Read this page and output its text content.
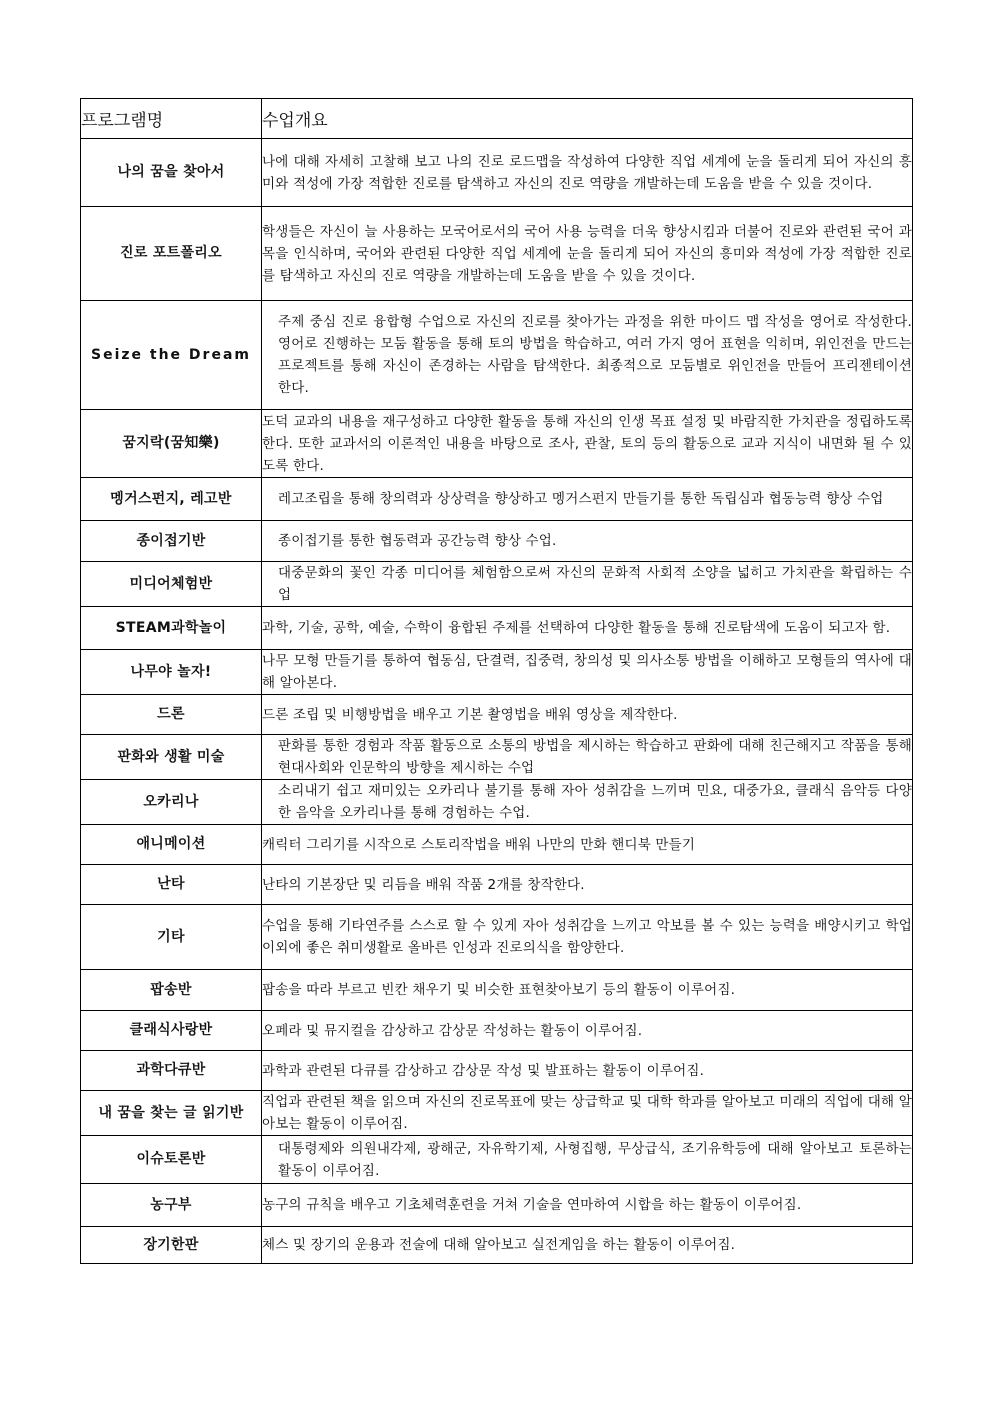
프로그램명	수업개요
나의 꿈을 찾아서	나에 대해 자세히 고찰해 보고 나의 진로 로드맵을 작성하여 다양한 직업 세계에 눈을 돌리게 되어 자신의 흥미와 적성에 가장 적합한 진로를 탐색하고 자신의 진로 역량을 개발하는데 도움을 받을 수 있을 것이다.
진로 포트폴리오	학생들은 자신이 늘 사용하는 모국어로서의 국어 사용 능력을 더욱 향상시킴과 더불어 진로와 관련된 국어 과목을 인식하며, 국어와 관련된 다양한 직업 세계에 눈을 돌리게 되어 자신의 흥미와 적성에 가장 적합한 진로를 탐색하고 자신의 진로 역량을 개발하는데 도움을 받을 수 있을 것이다.
Seize the Dream	주제 중심 진로 융합형 수업으로 자신의 진로를 찾아가는 과정을 위한 마이드 맵 작성을 영어로 작성한다. 영어로 진행하는 모둠 활동을 통해 토의 방법을 학습하고, 여러 가지 영어 표현을 익히며, 위인전을 만드는 프로젝트를 통해 자신이 존경하는 사람을 탐색한다. 최종적으로 모둠별로 위인전을 만들어 프리젠테이션 한다.
꿈지락(꿈知樂)	도덕 교과의 내용을 재구성하고 다양한 활동을 통해 자신의 인생 목표 설정 및 바람직한 가치관을 정립하도록 한다. 또한 교과서의 이론적인 내용을 바탕으로 조사, 관찰, 토의 등의 활동으로 교과 지식이 내면화 될 수 있도록 한다.
멩거스펀지, 레고반	레고조립을 통해 창의력과 상상력을 향상하고 멩거스펀지 만들기를 통한 독립심과 협동능력 향상 수업
종이접기반	종이접기를 통한 협동력과 공간능력 향상 수업.
미디어체험반	대중문화의 꽃인 각종 미디어를 체험함으로써 자신의 문화적 사회적 소양을 넓히고 가치관을 확립하는 수업
STEAM과학놀이	과학, 기술, 공학, 예술, 수학이 융합된 주제를 선택하여 다양한 활동을 통해 진로탐색에 도움이 되고자 함.
나무야 놀자!	나무 모형 만들기를 통하여 협동심, 단결력, 집중력, 창의성 및 의사소통 방법을 이해하고 모형들의 역사에 대해 알아본다.
드론	드론 조립 및 비행방법을 배우고 기본 촬영법을 배워 영상을 제작한다.
판화와 생활 미술	판화를 통한 경험과 작품 활동으로 소통의 방법을 제시하는 학습하고 판화에 대해 친근해지고 작품을 통해 현대사회와 인문학의 방향을 제시하는 수업
오카리나	소리내기 쉽고 재미있는 오카리나 불기를 통해 자아 성취감을 느끼며 민요, 대중가요, 클래식 음악등 다양한 음악을 오카리나를 통해 경험하는 수업.
애니메이션	캐릭터 그리기를 시작으로 스토리작법을 배워 나만의 만화 핸디북 만들기
난타	난타의 기본장단 및 리듬을 배워 작품 2개를 창작한다.
기타	수업을 통해 기타연주를 스스로 할 수 있게 자아 성취감을 느끼고 악보를 볼 수 있는 능력을 배양시키고 학업이외에 좋은 취미생활로 올바른 인성과 진로의식을 함양한다.
팝송반	팝송을 따라 부르고 빈칸 채우기 및 비슷한 표현찾아보기 등의 활동이 이루어짐.
클래식사랑반	오페라 및 뮤지컬을 감상하고 감상문 작성하는 활동이 이루어짐.
과학다큐반	과학과 관련된 다큐를 감상하고 감상문 작성 및 발표하는 활동이 이루어짐.
내 꿈을 찾는 글 읽기반	직업과 관련된 책을 읽으며 자신의 진로목표에 맞는 상급학교 및 대학 학과를 알아보고 미래의 직업에 대해 알아보는 활동이 이루어짐.
이슈토론반	대통령제와 의원내각제, 광해군, 자유학기제, 사형집행, 무상급식, 조기유학등에 대해 알아보고 토론하는 활동이 이루어짐.
농구부	농구의 규칙을 배우고 기초체력훈련을 거쳐 기술을 연마하여 시합을 하는 활동이 이루어짐.
장기한판	체스 및 장기의 운용과 전술에 대해 알아보고 실전게임을 하는 활동이 이루어짐.
